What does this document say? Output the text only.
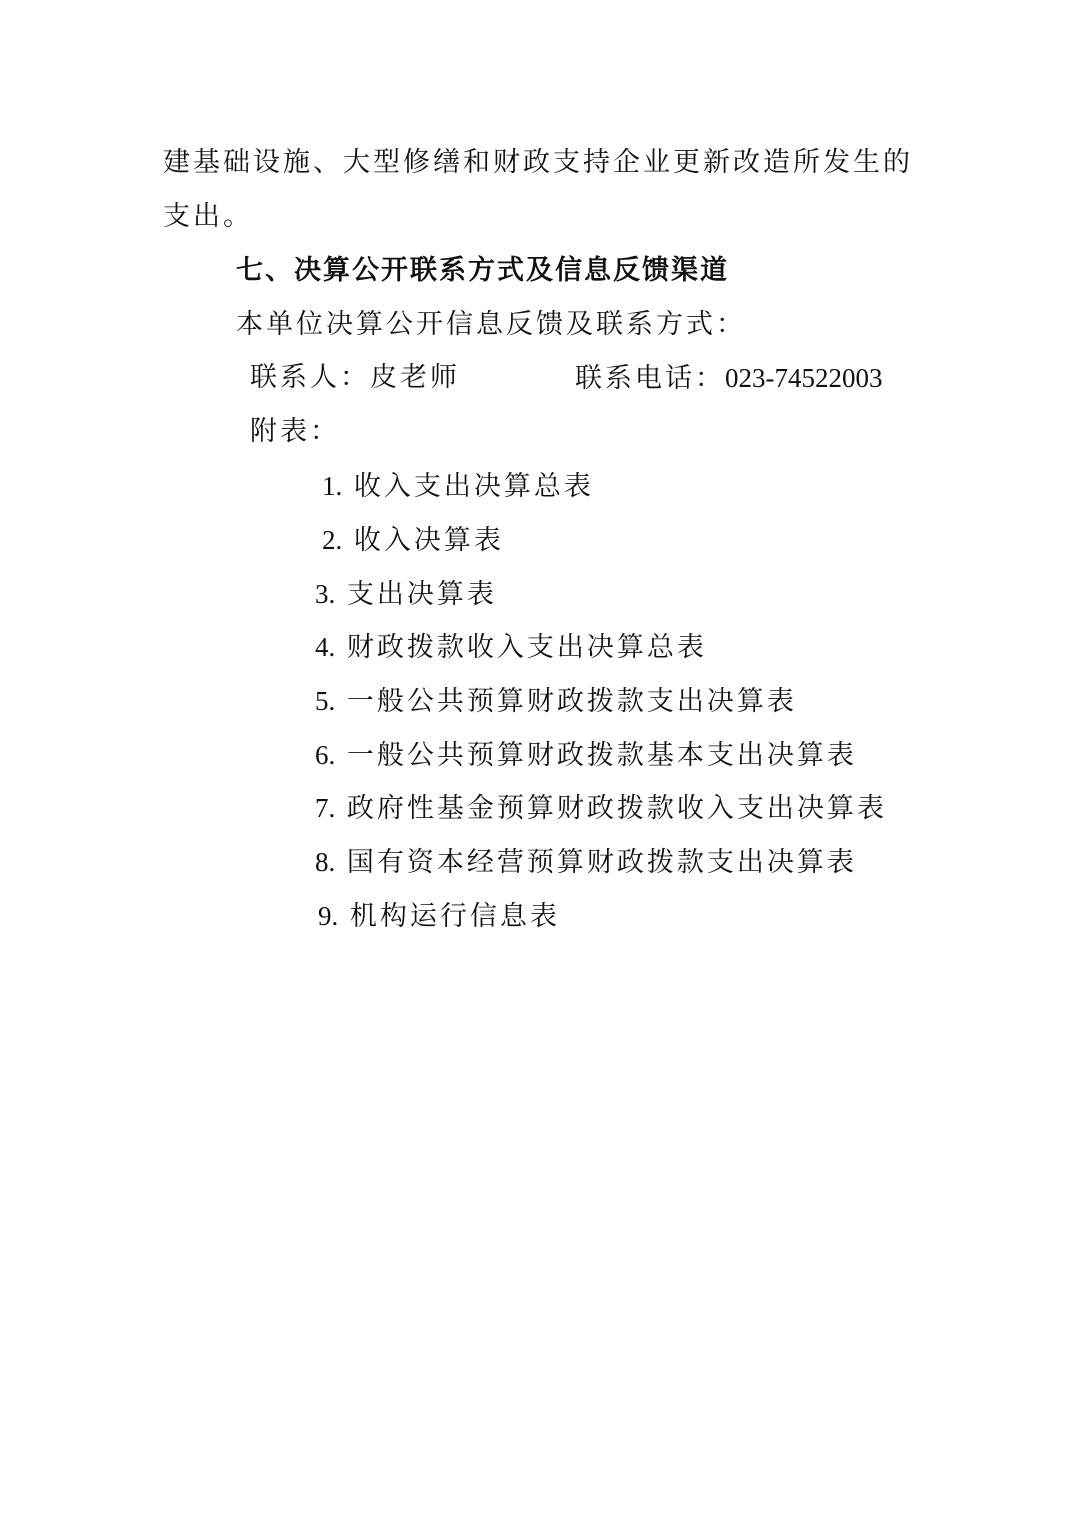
建基础设施、大型修缮和财政支持企业更新改造所发生的
支出。
七、决算公开联系方式及信息反馈渠道
本单位决算公开信息反馈及联系方式：
联系人：皮老师	联系电话：023-74522003
附表：
1. 收入支出决算总表
2. 收入决算表
3. 支出决算表
4. 财政拨款收入支出决算总表
5. 一般公共预算财政拨款支出决算表
6. 一般公共预算财政拨款基本支出决算表
7. 政府性基金预算财政拨款收入支出决算表
8. 国有资本经营预算财政拨款支出决算表
9. 机构运行信息表
